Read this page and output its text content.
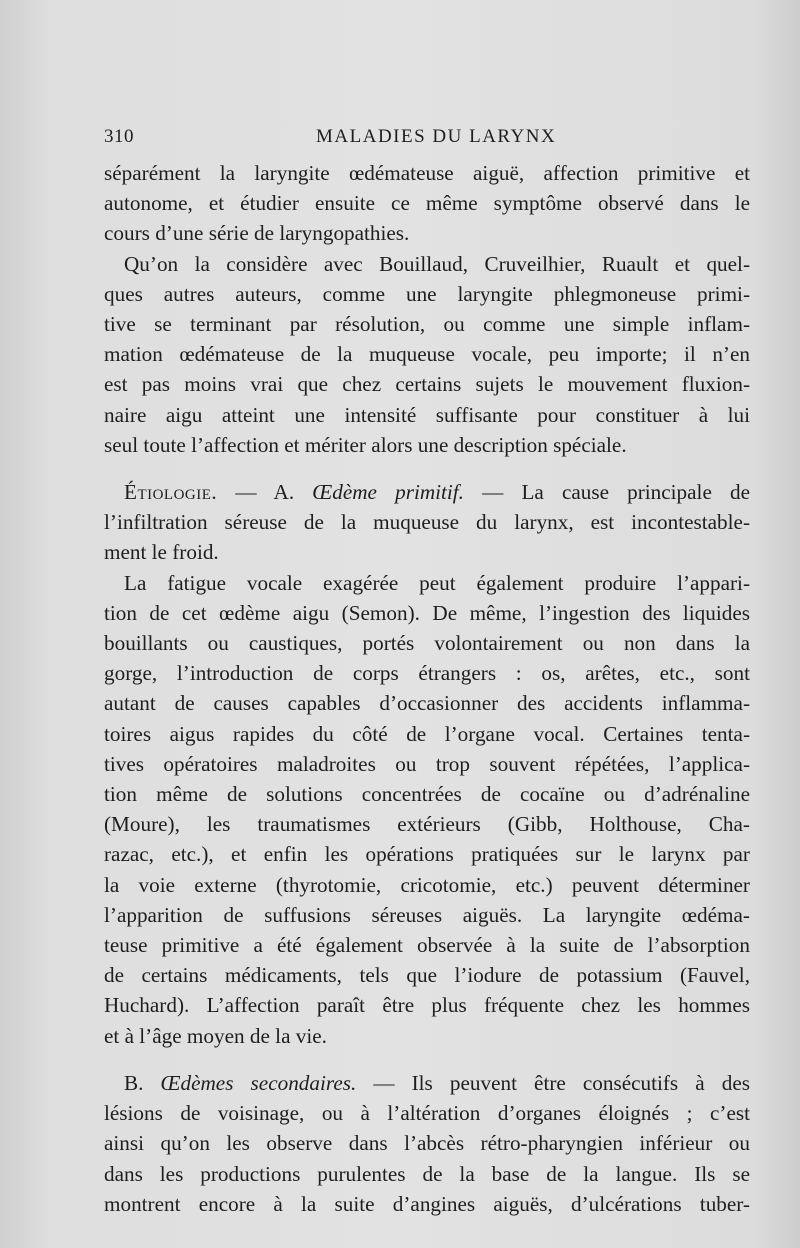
310	MALADIES DU LARYNX
séparément la laryngite œdémateuse aiguë, affection primitive et
autonome, et étudier ensuite ce même symptôme observé dans le
cours d’une série de laryngopathies.
Qu’on la considère avec Bouillaud, Cruveilhier, Ruault et quel-
ques autres auteurs, comme une laryngite phlegmoneuse primi-
tive se terminant par résolution, ou comme une simple inflam-
mation œdémateuse de la muqueuse vocale, peu importe; il n’en
est pas moins vrai que chez certains sujets le mouvement fluxion-
naire aigu atteint une intensité suffisante pour constituer à lui
seul toute l’affection et mériter alors une description spéciale.
Étiologie. — A. Œdème primitif. — La cause principale de
l’infiltration séreuse de la muqueuse du larynx, est incontestable-
ment le froid.
La fatigue vocale exagérée peut également produire l’appari-
tion de cet œdème aigu (Semon). De même, l’ingestion des liquides
bouillants ou caustiques, portés volontairement ou non dans la
gorge, l’introduction de corps étrangers : os, arêtes, etc., sont
autant de causes capables d’occasionner des accidents inflamma-
toires aigus rapides du côté de l’organe vocal. Certaines tenta-
tives opératoires maladroites ou trop souvent répétées, l’applica-
tion même de solutions concentrées de cocaïne ou d’adrénaline
(Moure), les traumatismes extérieurs (Gibb, Holthouse, Cha-
razac, etc.), et enfin les opérations pratiquées sur le larynx par
la voie externe (thyrotomie, cricotomie, etc.) peuvent déterminer
l’apparition de suffusions séreuses aiguës. La laryngite œdéma-
teuse primitive a été également observée à la suite de l’absorption
de certains médicaments, tels que l’iodure de potassium (Fauvel,
Huchard). L’affection paraît être plus fréquente chez les hommes
et à l’âge moyen de la vie.
B. Œdèmes secondaires. — Ils peuvent être consécutifs à des
lésions de voisinage, ou à l’altération d’organes éloignés ; c’est
ainsi qu’on les observe dans l’abcès rétro-pharyngien inférieur ou
dans les productions purulentes de la base de la langue. Ils se
montrent encore à la suite d’angines aiguës, d’ulcérations tuber-
